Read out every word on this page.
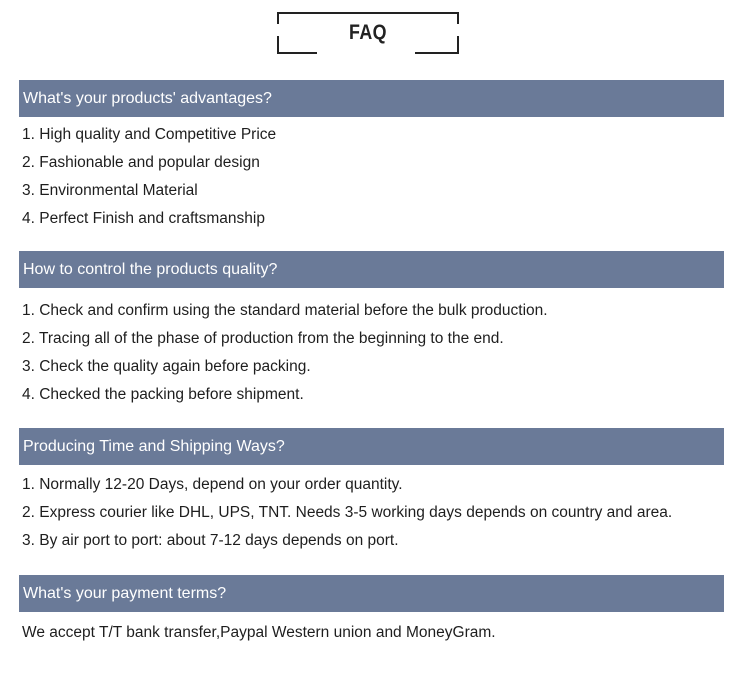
FAQ
What's your products' advantages?
1. High quality and Competitive Price
2. Fashionable and popular design
3. Environmental Material
4. Perfect Finish and craftsmanship
How to control the products quality?
1. Check and confirm using the standard material before the bulk production.
2. Tracing all of the phase of production from the beginning to the end.
3. Check the quality again before packing.
4. Checked the packing before shipment.
Producing Time and Shipping Ways?
1. Normally 12-20 Days, depend on your order quantity.
2. Express courier like DHL, UPS, TNT. Needs 3-5 working days depends on country and area.
3. By air port to port: about 7-12 days depends on port.
What's your payment terms?
We accept T/T bank transfer,Paypal Western union and MoneyGram.
